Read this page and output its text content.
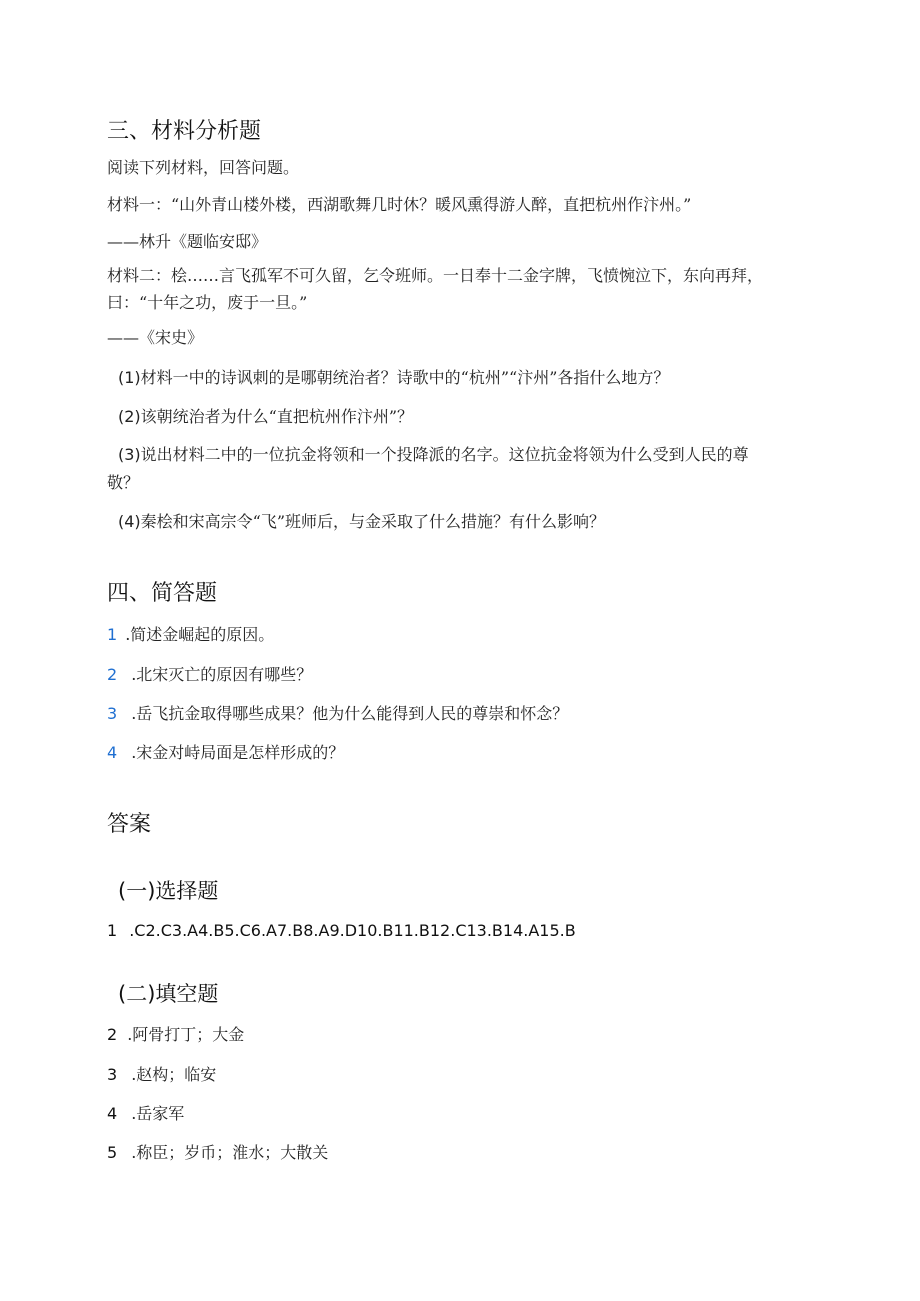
三、材料分析题
阅读下列材料，回答问题。
材料一：“山外青山楼外楼，西湖歌舞几时休？暖风熏得游人醉，直把杭州作汴州。”
——林升《题临安邸》
材料二：桧……言飞孤军不可久留，乞令班师。一日奉十二金字牌，飞愤惋泣下，东向再拜，
曰：“十年之功，废于一旦。”
——《宋史》
(1)材料一中的诗讽刺的是哪朝统治者？诗歌中的“杭州”“汴州”各指什么地方？
(2)该朝统治者为什么“直把杭州作汴州”？
(3)说出材料二中的一位抗金将领和一个投降派的名字。这位抗金将领为什么受到人民的尊
敬？
(4)秦桧和宋高宗令“飞”班师后，与金采取了什么措施？有什么影响？
四、简答题
1 .简述金崛起的原因。
2 .北宋灭亡的原因有哪些？
3 .岳飞抗金取得哪些成果？他为什么能得到人民的尊崇和怀念？
4 .宋金对峙局面是怎样形成的？
答案
(一)选择题
1 .C2.C3.A4.B5.C6.A7.B8.A9.D10.B11.B12.C13.B14.A15.B
(二)填空题
2 .阿骨打丁；大金
3 .赵构；临安
4 .岳家军
5 .称臣；岁币；淮水；大散关
